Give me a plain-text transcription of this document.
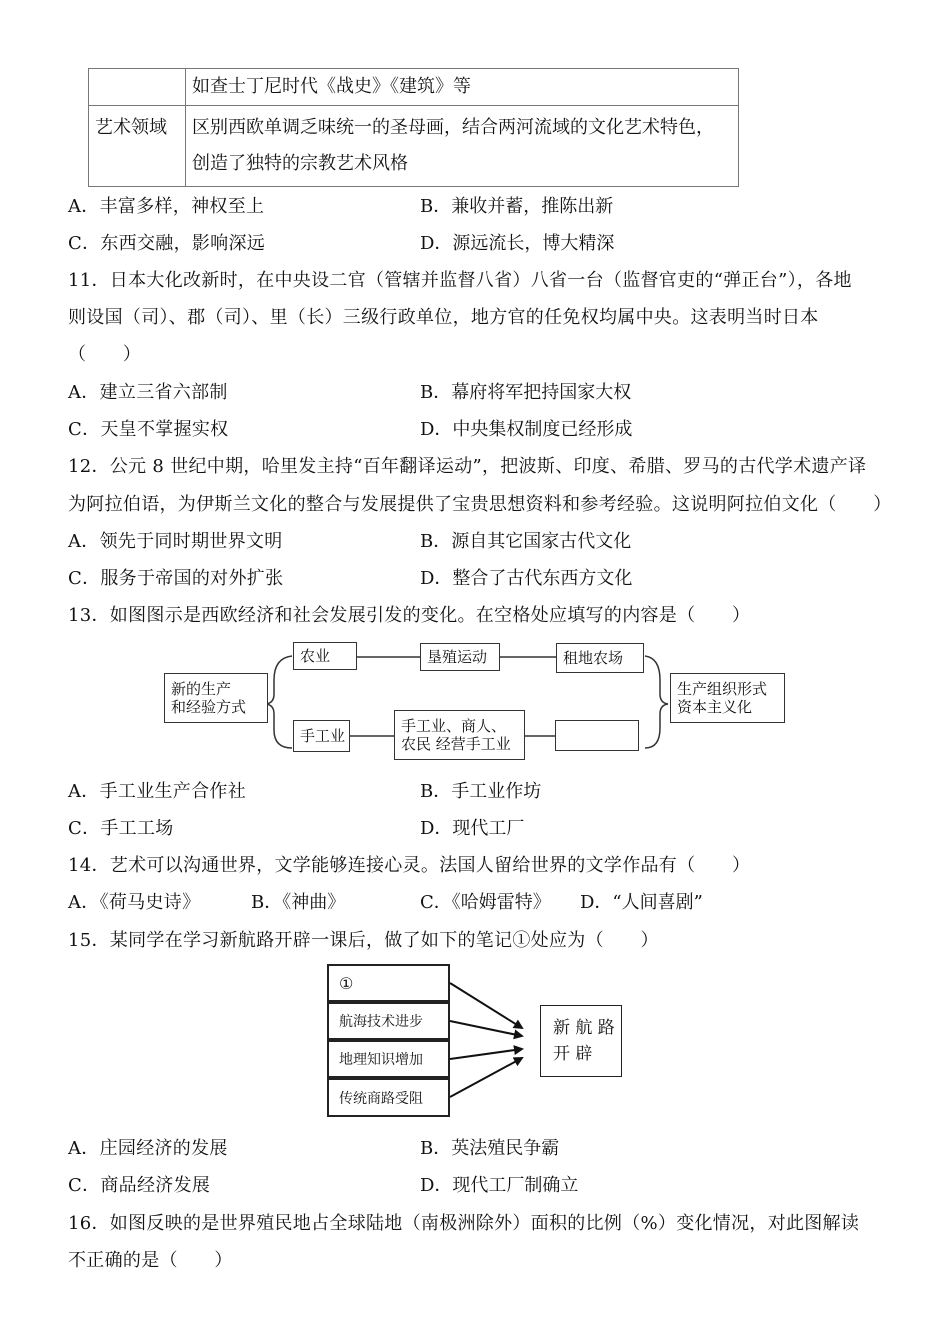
	如查士丁尼时代《战史》《建筑》等
艺术领域	区别西欧单调乏味统一的圣母画，结合两河流域的文化艺术特色，
创造了独特的宗教艺术风格
A．丰富多样，神权至上	B．兼收并蓄，推陈出新
C．东西交融，影响深远	D．源远流长，博大精深
11．日本大化改新时，在中央设二官（管辖并监督八省）八省一台（监督官吏的“弹正台”），各地
则设国（司）、郡（司）、里（长）三级行政单位，地方官的任免权均属中央。这表明当时日本
（　　）
A．建立三省六部制	B．幕府将军把持国家大权
C．天皇不掌握实权	D．中央集权制度已经形成
12．公元 8 世纪中期，哈里发主持“百年翻译运动”，把波斯、印度、希腊、罗马的古代学术遗产译
为阿拉伯语，为伊斯兰文化的整合与发展提供了宝贵思想资料和参考经验。这说明阿拉伯文化（　　）
A．领先于同时期世界文明	B．源自其它国家古代文化
C．服务于帝国的对外扩张	D．整合了古代东西方文化
13．如图图示是西欧经济和社会发展引发的变化。在空格处应填写的内容是（　　）
新的生产
和经验方式
农业	垦殖运动	租地农场
手工业
手工业、商人、
农民 经营手工业
生产组织形式
资本主义化
A．手工业生产合作社	B．手工业作坊
C．手工工场	D．现代工厂
14．艺术可以沟通世界，文学能够连接心灵。法国人留给世界的文学作品有（　　）
A．《荷马史诗》	B．《神曲》	C．《哈姆雷特》 D．“人间喜剧”
15．某同学在学习新航路开辟一课后，做了如下的笔记①处应为（　　）
①
航海技术进步
地理知识增加
传统商路受阻
新 航 路
开 辟
A．庄园经济的发展	B．英法殖民争霸
C．商品经济发展	D．现代工厂制确立
16．如图反映的是世界殖民地占全球陆地（南极洲除外）面积的比例（%）变化情况，对此图解读
不正确的是（　　）
